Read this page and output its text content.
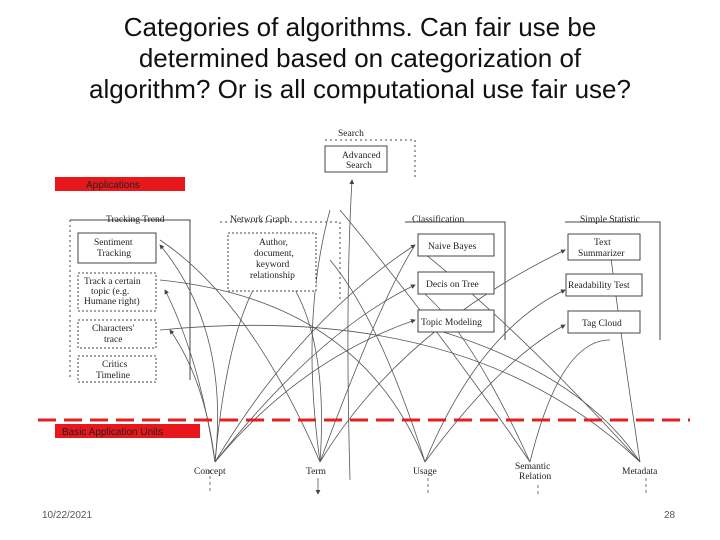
Categories of algorithms. Can fair use be
determined based on categorization of
algorithm? Or is all computational use fair use?
Applications
Search
Advanced
Search
Tracking Trend
Sentiment
Tracking
Track a certain
topic (e.g.
Humane right)
Characters'
trace
Critics
Timeline
Network Graph
Author,
document,
keyword
relationship
Classification
Naive Bayes
Decis on Tree
Topic Modeling
Simple Statistic
Text
Summarizer
Readability Test
Tag Cloud
Basic Application Units
Concept	Term	Usage	Semantic
Relation	Metadata
10/22/2021	28
